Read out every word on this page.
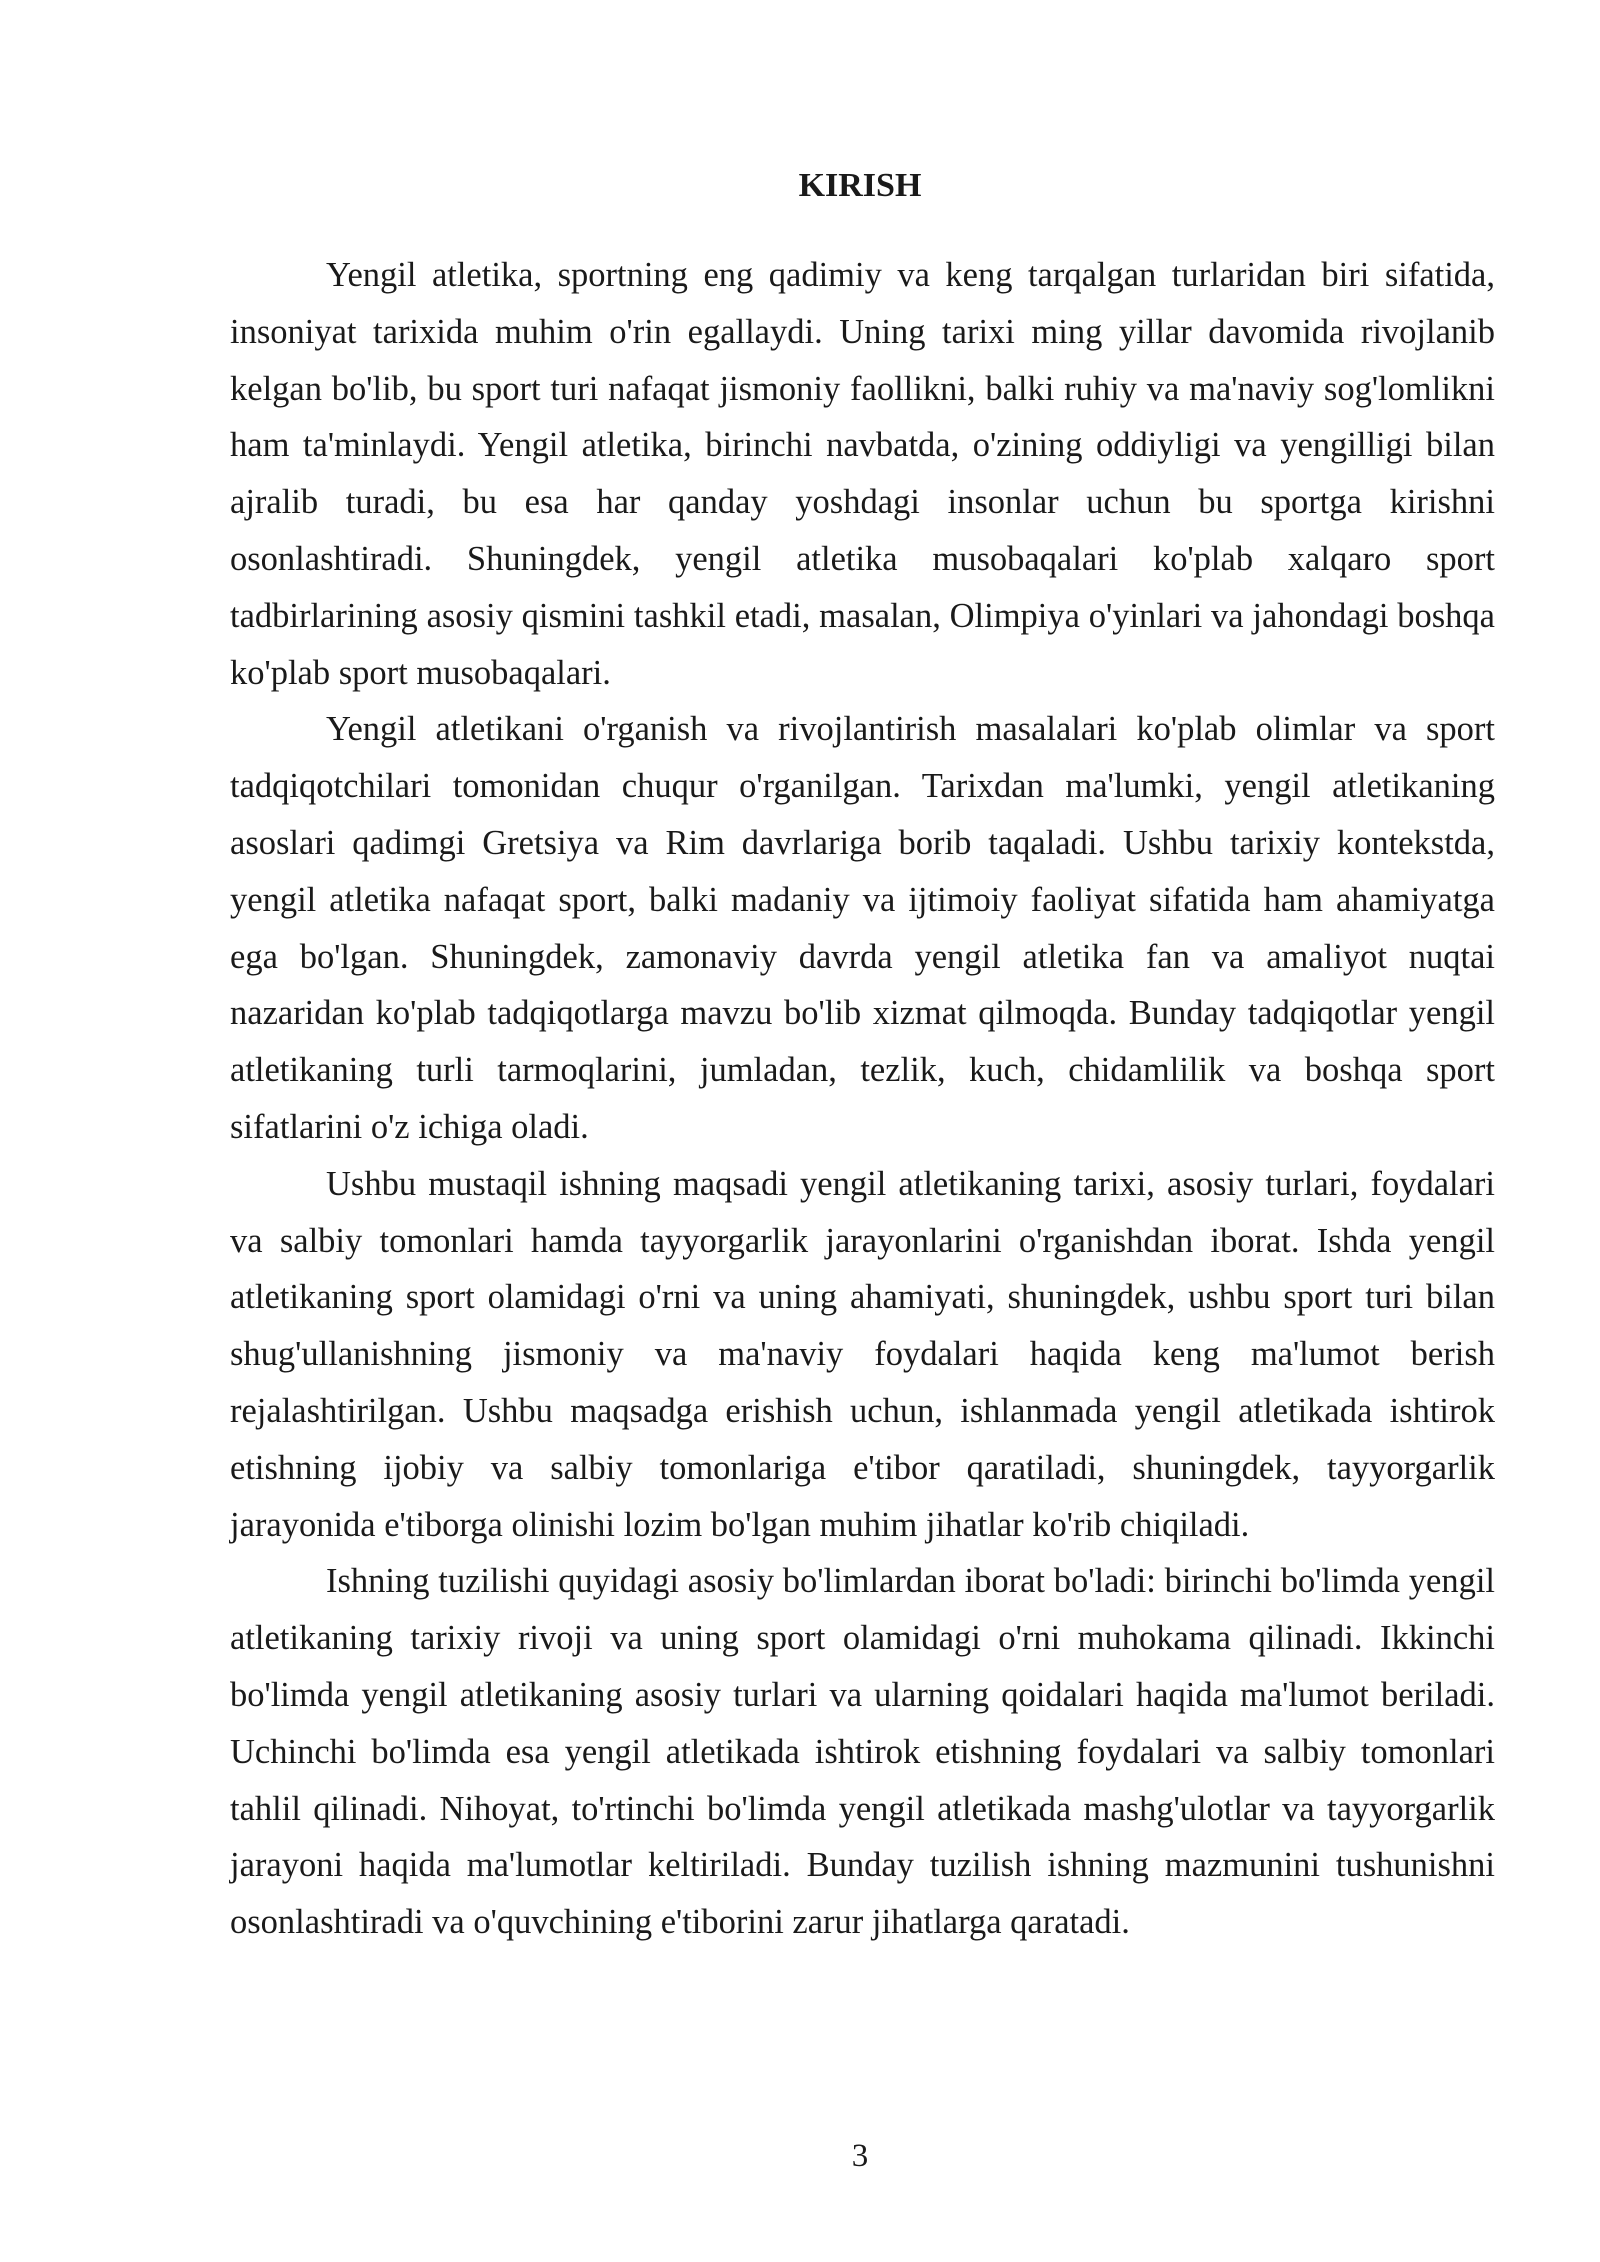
KIRISH

Yengil atletika, sportning eng qadimiy va keng tarqalgan turlaridan biri sifatida, insoniyat tarixida muhim o'rin egallaydi. Uning tarixi ming yillar davomida rivojlanib kelgan bo'lib, bu sport turi nafaqat jismoniy faollikni, balki ruhiy va ma'naviy sog'lomlikni ham ta'minlaydi. Yengil atletika, birinchi navbatda, o'zining oddiyligi va yengilligi bilan ajralib turadi, bu esa har qanday yoshdagi insonlar uchun bu sportga kirishni osonlashtiradi. Shuningdek, yengil atletika musobaqalari ko'plab xalqaro sport tadbirlarining asosiy qismini tashkil etadi, masalan, Olimpiya o'yinlari va jahondagi boshqa ko'plab sport musobaqalari.

Yengil atletikani o'rganish va rivojlantirish masalalari ko'plab olimlar va sport tadqiqotchilari tomonidan chuqur o'rganilgan. Tarixdan ma'lumki, yengil atletikaning asoslari qadimgi Gretsiya va Rim davrlariga borib taqaladi. Ushbu tarixiy kontekstda, yengil atletika nafaqat sport, balki madaniy va ijtimoiy faoliyat sifatida ham ahamiyatga ega bo'lgan. Shuningdek, zamonaviy davrda yengil atletika fan va amaliyot nuqtai nazaridan ko'plab tadqiqotlarga mavzu bo'lib xizmat qilmoqda. Bunday tadqiqotlar yengil atletikaning turli tarmoqlarini, jumladan, tezlik, kuch, chidamlilik va boshqa sport sifatlarini o'z ichiga oladi.

Ushbu mustaqil ishning maqsadi yengil atletikaning tarixi, asosiy turlari, foydalari va salbiy tomonlari hamda tayyorgarlik jarayonlarini o'rganishdan iborat. Ishda yengil atletikaning sport olamidagi o'rni va uning ahamiyati, shuningdek, ushbu sport turi bilan shug'ullanishning jismoniy va ma'naviy foydalari haqida keng ma'lumot berish rejalashtirilgan. Ushbu maqsadga erishish uchun, ishlanmada yengil atletikada ishtirok etishning ijobiy va salbiy tomonlariga e'tibor qaratiladi, shuningdek, tayyorgarlik jarayonida e'tiborga olinishi lozim bo'lgan muhim jihatlar ko'rib chiqiladi.

Ishning tuzilishi quyidagi asosiy bo'limlardan iborat bo'ladi: birinchi bo'limda yengil atletikaning tarixiy rivoji va uning sport olamidagi o'rni muhokama qilinadi. Ikkinchi bo'limda yengil atletikaning asosiy turlari va ularning qoidalari haqida ma'lumot beriladi. Uchinchi bo'limda esa yengil atletikada ishtirok etishning foydalari va salbiy tomonlari tahlil qilinadi. Nihoyat, to'rtinchi bo'limda yengil atletikada mashg'ulotlar va tayyorgarlik jarayoni haqida ma'lumotlar keltiriladi. Bunday tuzilish ishning mazmunini tushunishni osonlashtiradi va o'quvchining e'tiborini zarur jihatlarga qaratadi.

3
